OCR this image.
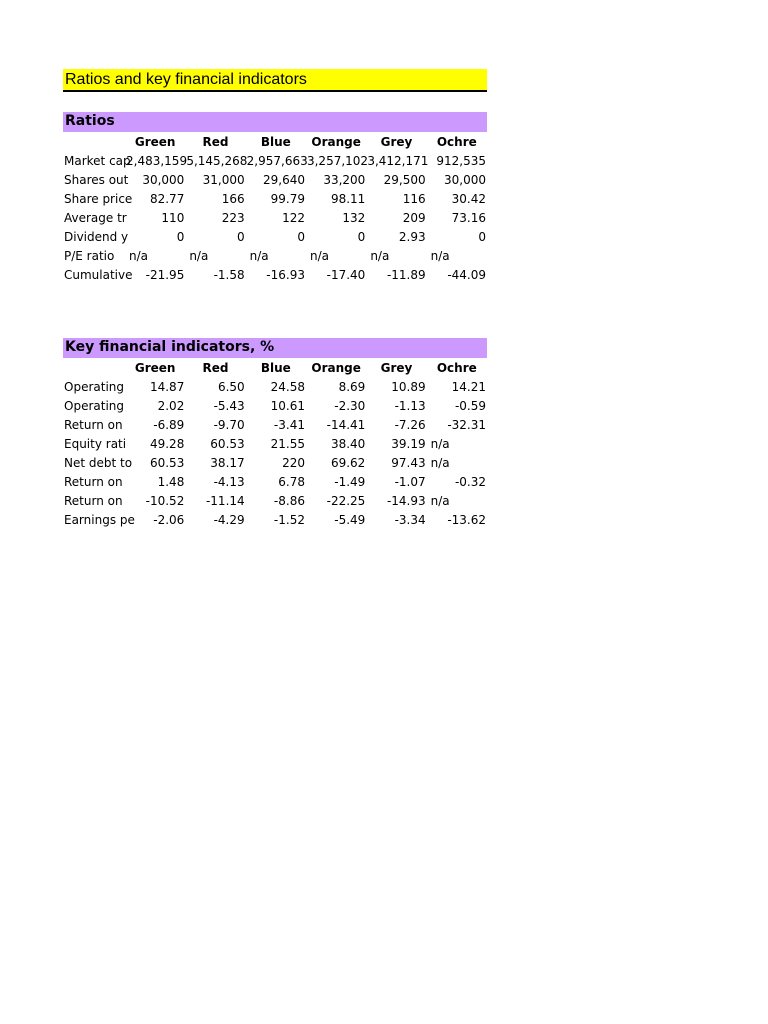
Ratios and key financial indicators
Ratios
	Green	Red	Blue	Orange	Grey	Ochre
Market cap	2,483,159	5,145,268	2,957,663	3,257,102	3,412,171	912,535
Shares out	30,000	31,000	29,640	33,200	29,500	30,000
Share price	82.77	166	99.79	98.11	116	30.42
Average tr	110	223	122	132	209	73.16
Dividend y	0	0	0	0	2.93	0
P/E ratio	n/a	n/a	n/a	n/a	n/a	n/a
Cumulative	-21.95	-1.58	-16.93	-17.40	-11.89	-44.09
Key financial indicators, %
	Green	Red	Blue	Orange	Grey	Ochre
Operating	14.87	6.50	24.58	8.69	10.89	14.21
Operating	2.02	-5.43	10.61	-2.30	-1.13	-0.59
Return on	-6.89	-9.70	-3.41	-14.41	-7.26	-32.31
Equity rati	49.28	60.53	21.55	38.40	39.19	n/a
Net debt to	60.53	38.17	220	69.62	97.43	n/a
Return on	1.48	-4.13	6.78	-1.49	-1.07	-0.32
Return on	-10.52	-11.14	-8.86	-22.25	-14.93	n/a
Earnings pe	-2.06	-4.29	-1.52	-5.49	-3.34	-13.62
